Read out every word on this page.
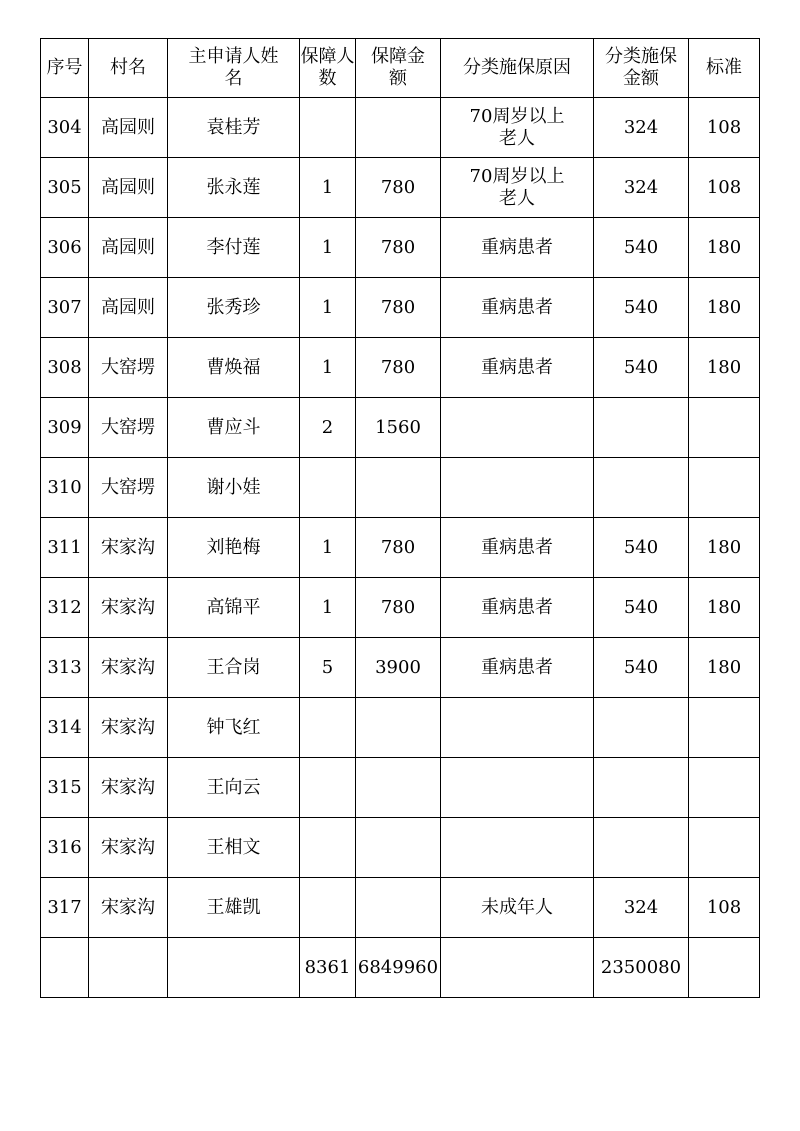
序号	村名	主申请人姓名	保障人数	保障金额	分类施保原因	分类施保金额	标准
304	高园则	袁桂芳			70周岁以上老人	324	108
305	高园则	张永莲	1	780	70周岁以上老人	324	108
306	高园则	李付莲	1	780	重病患者	540	180
307	高园则	张秀珍	1	780	重病患者	540	180
308	大窑塄	曹焕福	1	780	重病患者	540	180
309	大窑塄	曹应斗	2	1560			
310	大窑塄	谢小娃					
311	宋家沟	刘艳梅	1	780	重病患者	540	180
312	宋家沟	高锦平	1	780	重病患者	540	180
313	宋家沟	王合岗	5	3900	重病患者	540	180
314	宋家沟	钟飞红					
315	宋家沟	王向云					
316	宋家沟	王相文					
317	宋家沟	王雄凯			未成年人	324	108
			8361	6849960		2350080	
